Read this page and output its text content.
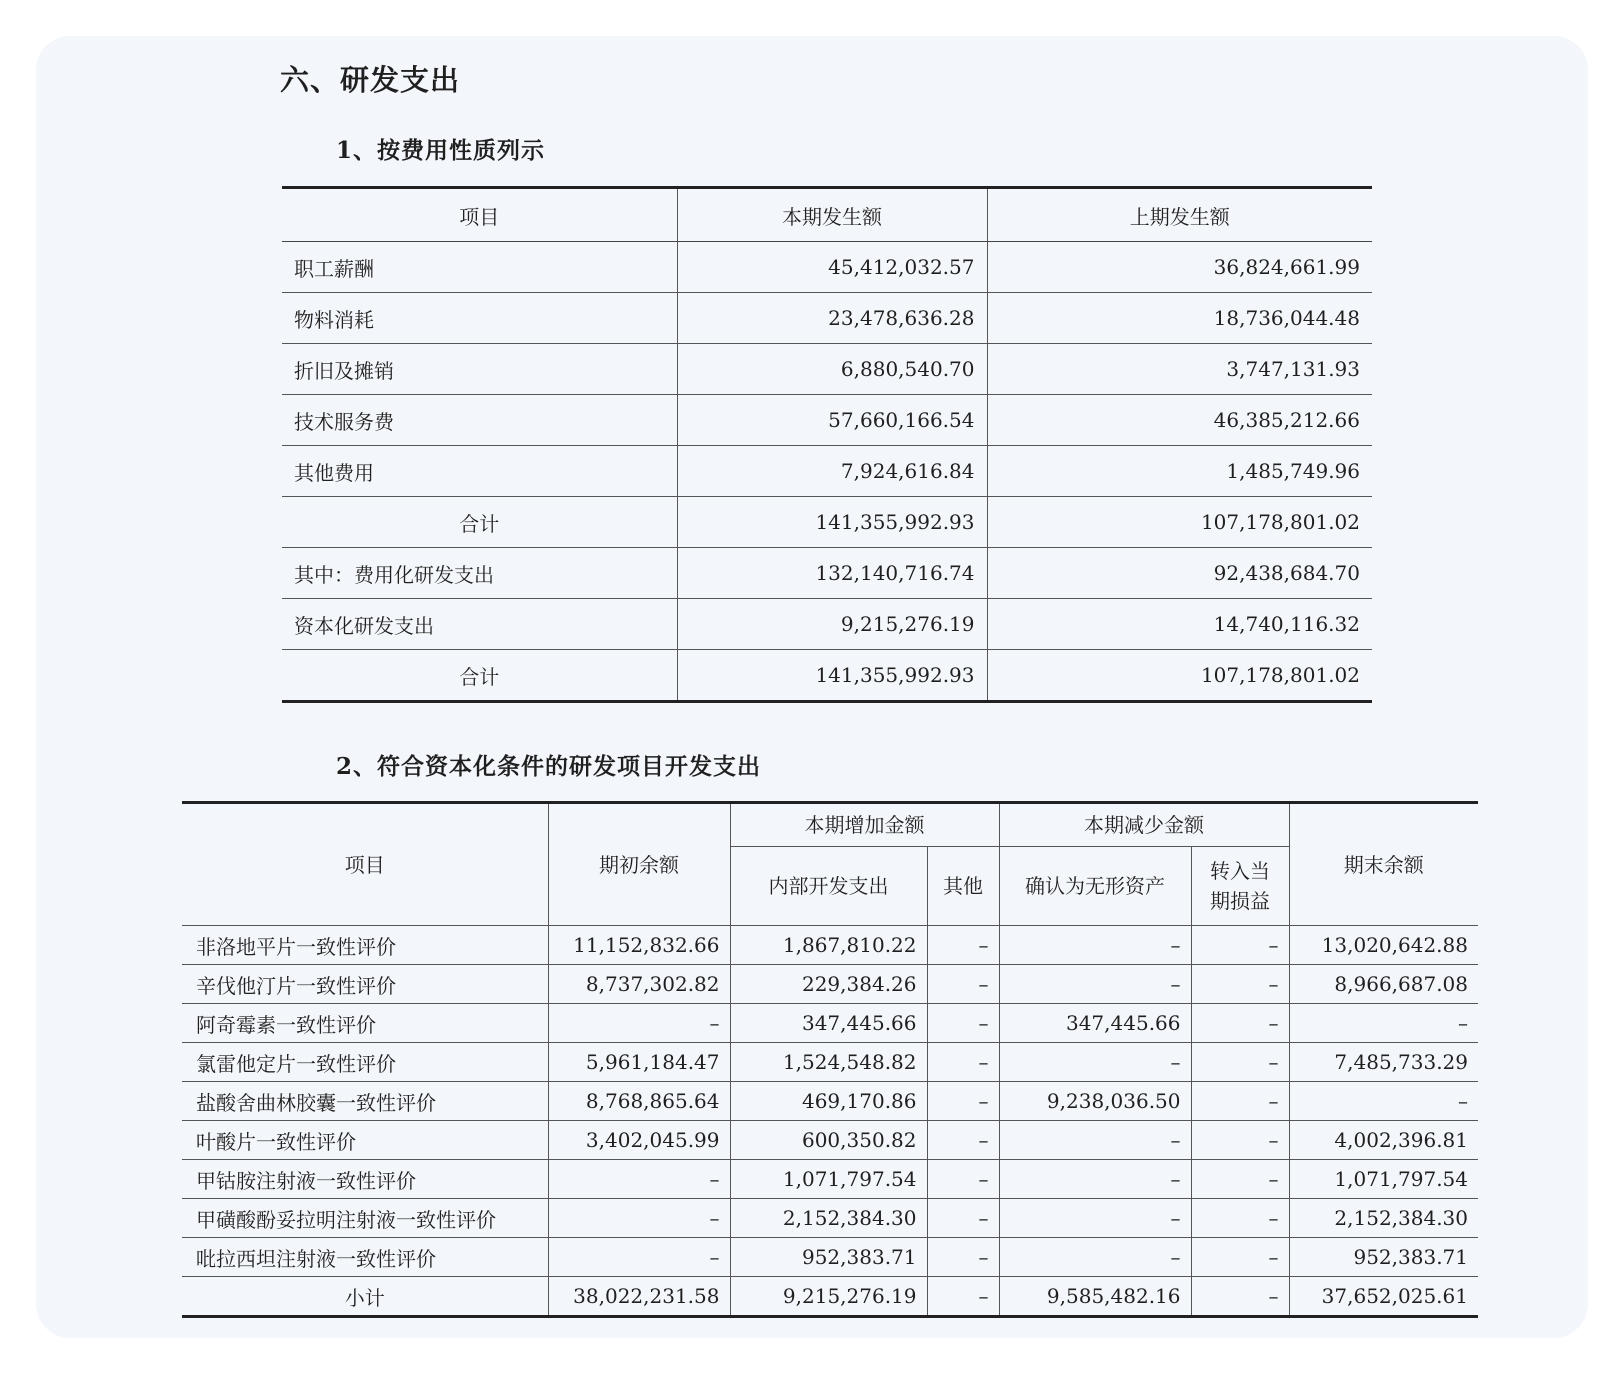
六、研发支出
1、按费用性质列示
项目	本期发生额	上期发生额
职工薪酬	45,412,032.57	36,824,661.99
物料消耗	23,478,636.28	18,736,044.48
折旧及摊销	6,880,540.70	3,747,131.93
技术服务费	57,660,166.54	46,385,212.66
其他费用	7,924,616.84	1,485,749.96
合计	141,355,992.93	107,178,801.02
其中：费用化研发支出	132,140,716.74	92,438,684.70
资本化研发支出	9,215,276.19	14,740,116.32
合计	141,355,992.93	107,178,801.02
2、符合资本化条件的研发项目开发支出
项目	期初余额	本期增加金额		本期减少金额		期末余额
		内部开发支出	其他	确认为无形资产	转入当
期损益	

非洛地平片一致性评价	11,152,832.66	1,867,810.22	–	–	–	13,020,642.88
辛伐他汀片一致性评价	8,737,302.82	229,384.26	–	–	–	8,966,687.08
阿奇霉素一致性评价	–	347,445.66	–	347,445.66	–	–
氯雷他定片一致性评价	5,961,184.47	1,524,548.82	–	–	–	7,485,733.29
盐酸舍曲林胶囊一致性评价	8,768,865.64	469,170.86	–	9,238,036.50	–	–
叶酸片一致性评价	3,402,045.99	600,350.82	–	–	–	4,002,396.81
甲钴胺注射液一致性评价	–	1,071,797.54	–	–	–	1,071,797.54
甲磺酸酚妥拉明注射液一致性评价	–	2,152,384.30	–	–	–	2,152,384.30
吡拉西坦注射液一致性评价	–	952,383.71	–	–	–	952,383.71
小计	38,022,231.58	9,215,276.19	–	9,585,482.16	–	37,652,025.61
